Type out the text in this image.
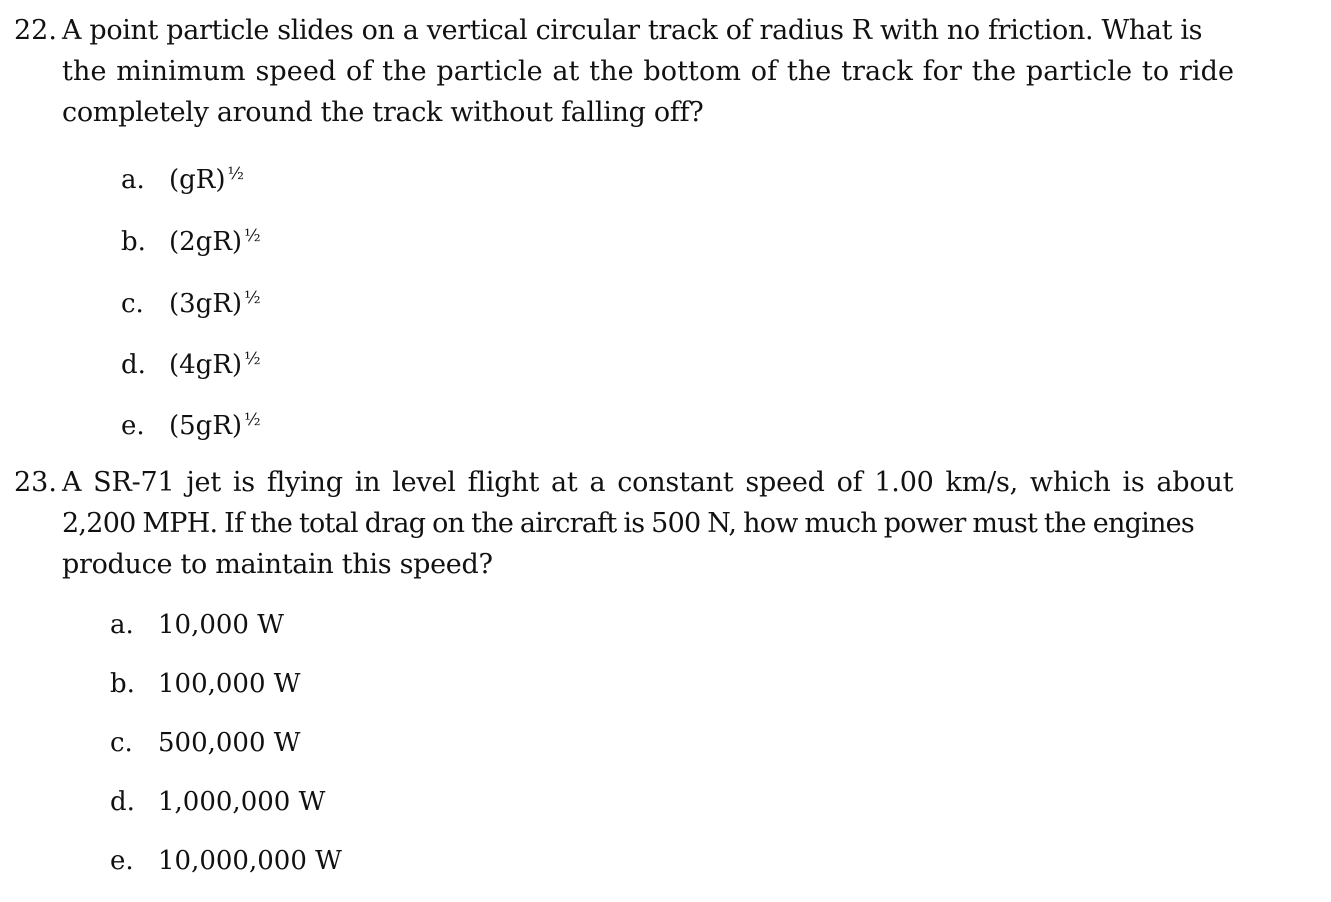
22. A point particle slides on a vertical circular track of radius R with no friction. What is
the minimum speed of the particle at the bottom of the track for the particle to ride
completely around the track without falling off?
a. (gR) $^{\frac{1}{2}}$
b. (2gR) $^{\frac{1}{2}}$
c. (3gR) $^{\frac{1}{2}}$
d. (4gR) $^{\frac{1}{2}}$
e. (5gR) $^{\frac{1}{2}}$
23. A SR-71 jet is flying in level flight at a constant speed of 1.00 km/s, which is about
2,200 MPH. If the total drag on the aircraft is 500 N, how much power must the engines
produce to maintain this speed?
a. 10,000 W
b. 100,000 W
c. 500,000 W
d. 1,000,000 W
e. 10,000,000 W
